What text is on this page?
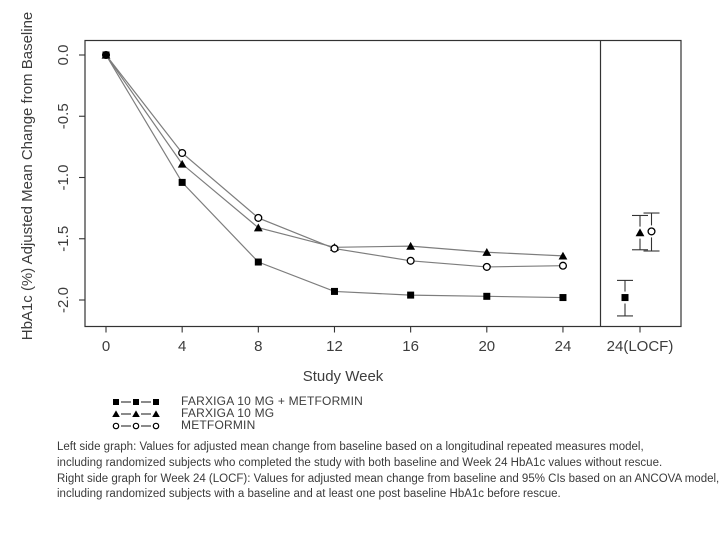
0.0
-0.5
-1.0
-1.5
-2.0
0	4	8	12	16	20	24 24(LOCF)
Study Week
HbA1c (%) Adjusted Mean Change from Baseline
FARXIGA 10 MG + METFORMIN
FARXIGA 10 MG
METFORMIN
Left side graph: Values for adjusted mean change from baseline based on a longitudinal repeated measures model,
including randomized subjects who completed the study with both baseline and Week 24 HbA1c values without rescue.
Right side graph for Week 24 (LOCF): Values for adjusted mean change from baseline and 95% CIs based on an ANCOVA model,
including randomized subjects with a baseline and at least one post baseline HbA1c before rescue.
